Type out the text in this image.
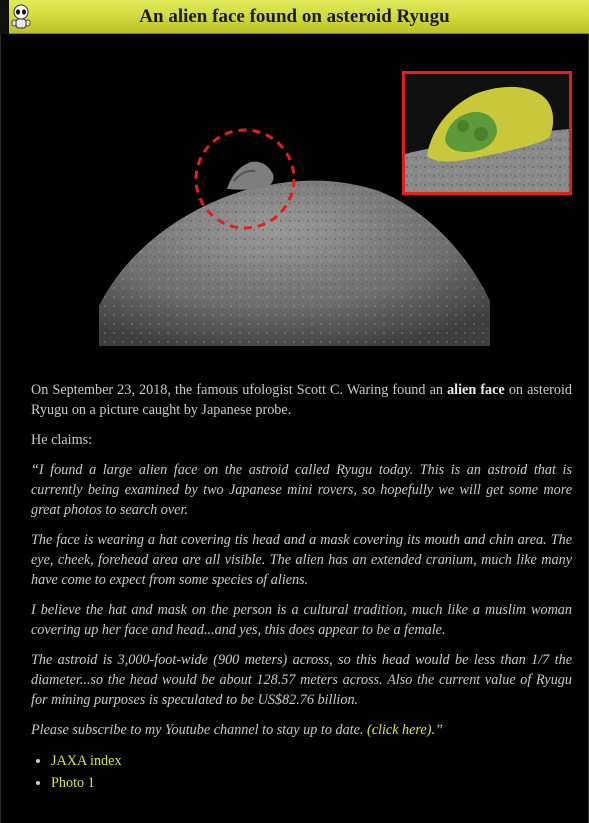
An alien face found on asteroid Ryugu

On September 23, 2018, the famous ufologist Scott C. Waring found an alien face on asteroid Ryugu on a picture caught by Japanese probe.

He claims:

“I found a large alien face on the astroid called Ryugu today. This is an astroid that is currently being examined by two Japanese mini rovers, so hopefully we will get some more great photos to search over.

The face is wearing a hat covering tis head and a mask covering its mouth and chin area. The eye, cheek, forehead area are all visible. The alien has an extended cranium, much like many have come to expect from some species of aliens.

I believe the hat and mask on the person is a cultural tradition, much like a muslim woman covering up her face and head...and yes, this does appear to be a female.

The astroid is 3,000-foot-wide (900 meters) across, so this head would be less than 1/7 the diameter...so the head would be about 128.57 meters across. Also the current value of Ryugu for mining purposes is speculated to be US$82.76 billion.

Please subscribe to my Youtube channel to stay up to date. (click here).”

• JAXA index
• Photo 1
